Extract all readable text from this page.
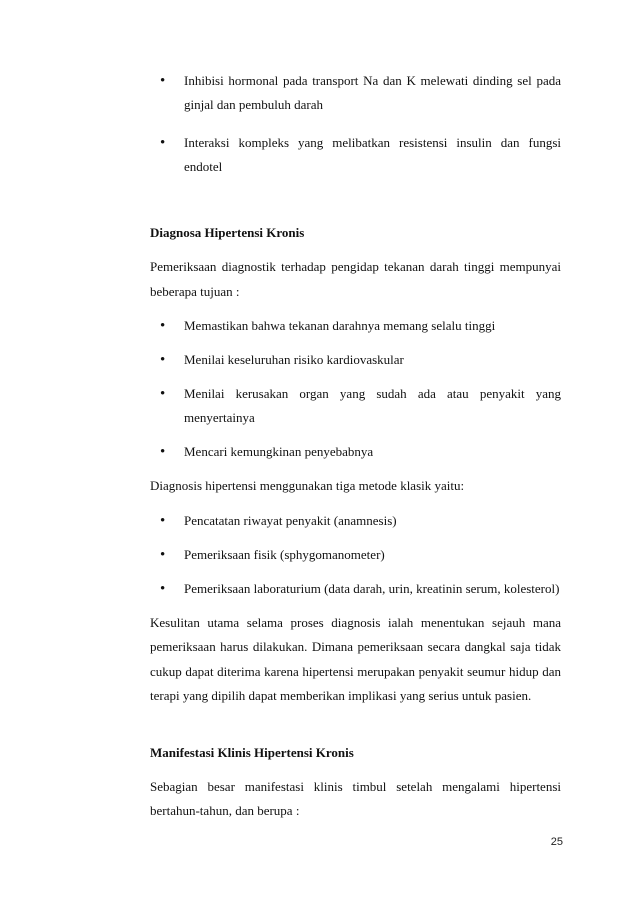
• Inhibisi hormonal pada transport Na dan K melewati dinding sel pada ginjal dan pembuluh darah
• Interaksi kompleks yang melibatkan resistensi insulin dan fungsi endotel
Diagnosa Hipertensi Kronis

Pemeriksaan diagnostik terhadap pengidap tekanan darah tinggi mempunyai beberapa tujuan :

• Memastikan bahwa tekanan darahnya memang selalu tinggi
• Menilai keseluruhan risiko kardiovaskular
• Menilai kerusakan organ yang sudah ada atau penyakit yang menyertainya
• Mencari kemungkinan penyebabnya

Diagnosis hipertensi menggunakan tiga metode klasik yaitu:

• Pencatatan riwayat penyakit (anamnesis)
• Pemeriksaan fisik (sphygomanometer)
• Pemeriksaan laboraturium (data darah, urin, kreatinin serum, kolesterol)

Kesulitan utama selama proses diagnosis ialah menentukan sejauh mana pemeriksaan harus dilakukan. Dimana pemeriksaan secara dangkal saja tidak cukup dapat diterima karena hipertensi merupakan penyakit seumur hidup dan terapi yang dipilih dapat memberikan implikasi yang serius untuk pasien.

Manifestasi Klinis Hipertensi Kronis

Sebagian besar manifestasi klinis timbul setelah mengalami hipertensi bertahun-tahun, dan berupa :

25
